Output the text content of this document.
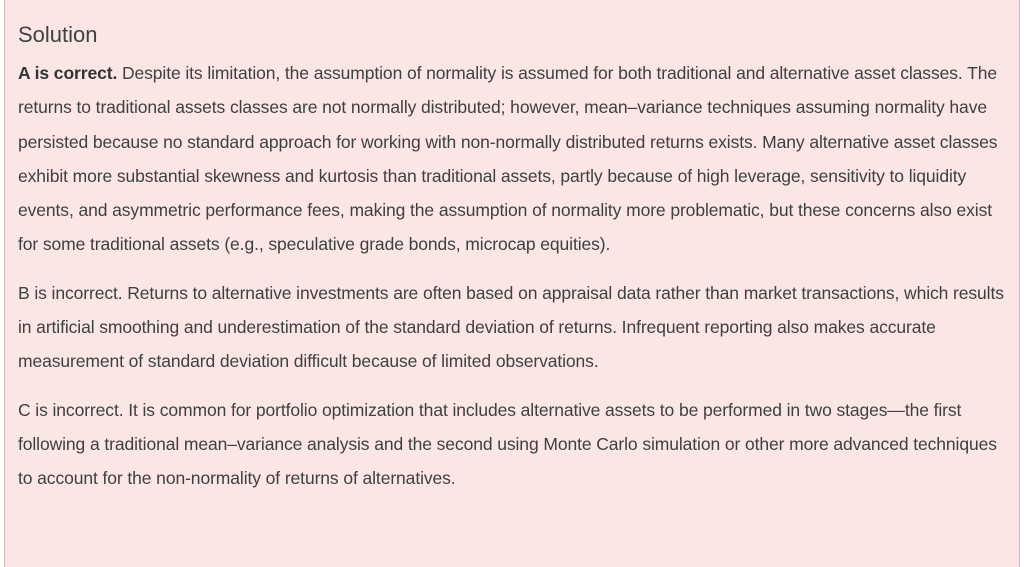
Solution

A is correct. Despite its limitation, the assumption of normality is assumed for both traditional and alternative asset classes. The returns to traditional assets classes are not normally distributed; however, mean–variance techniques assuming normality have persisted because no standard approach for working with non-normally distributed returns exists. Many alternative asset classes exhibit more substantial skewness and kurtosis than traditional assets, partly because of high leverage, sensitivity to liquidity events, and asymmetric performance fees, making the assumption of normality more problematic, but these concerns also exist for some traditional assets (e.g., speculative grade bonds, microcap equities).

B is incorrect. Returns to alternative investments are often based on appraisal data rather than market transactions, which results in artificial smoothing and underestimation of the standard deviation of returns. Infrequent reporting also makes accurate measurement of standard deviation difficult because of limited observations.

C is incorrect. It is common for portfolio optimization that includes alternative assets to be performed in two stages—the first following a traditional mean–variance analysis and the second using Monte Carlo simulation or other more advanced techniques to account for the non-normality of returns of alternatives.
